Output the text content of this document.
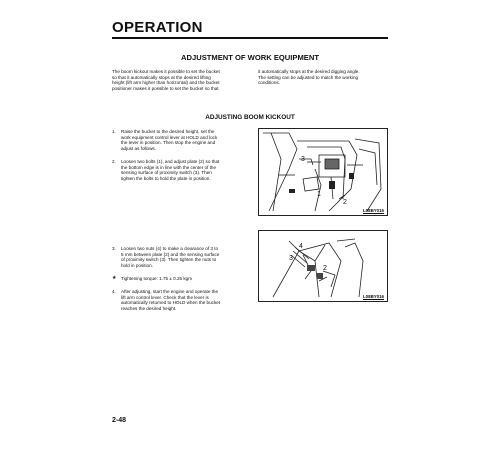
OPERATION
ADJUSTMENT OF WORK EQUIPMENT
The boom kickout makes it possible to set the bucket
so that it automatically stops at the desired lifting
height (lift arm higher than horizontal) and the bucket
positioner makes it possible to set the bucket so that
it automatically stops at the desired digging angle.
The setting can be adjusted to match the working
conditions.
ADJUSTING BOOM KICKOUT
1. Raise the bucket to the desired height, set the
work equipment control lever at HOLD and lock
the lever in position. Then stop the engine and
adjust as follows.
2. Loosen two bolts (1), and adjust plate (2) so that
the bottom edge is in line with the center of the
sensing surface of proximity switch (3). Then
tighten the bolts to hold the plate in position.
3
1
2
L08BY015
3. Loosen two nuts (4) to make a clearance of 3 to
5 mm between plate (2) and the sensing surface
of proximity switch (3). Then tighten the nuts to
hold in position.
★ Tightening torque: 1.75 ± 0.25 kgm
4. After adjusting, start the engine and operate the
lift arm control lever. Check that the lever is
automatically returned to HOLD when the bucket
reaches the desired height.
3
4
2
L08BY016
2-48
